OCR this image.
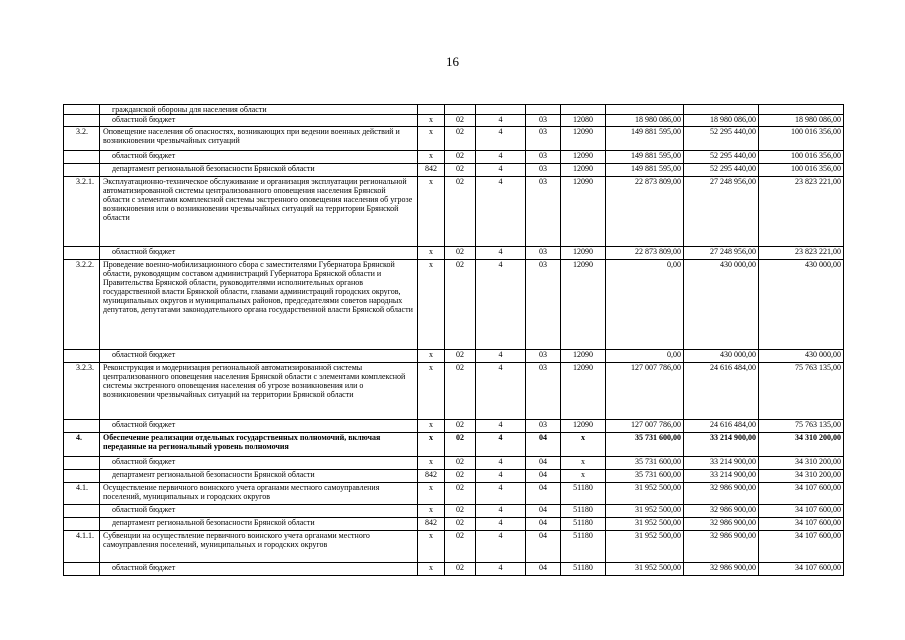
16
	гражданской обороны для населения области								
	областной бюджет	x	02	4	03	12080	18 980 086,00	18 980 086,00	18 980 086,00
3.2.	Оповещение населения об опасностях, возникающих при ведении военных действий и возникновении чрезвычайных ситуаций	x	02	4	03	12090	149 881 595,00	52 295 440,00	100 016 356,00
	областной бюджет	x	02	4	03	12090	149 881 595,00	52 295 440,00	100 016 356,00
	департамент региональной безопасности Брянской области	842	02	4	03	12090	149 881 595,00	52 295 440,00	100 016 356,00
3.2.1.	Эксплуатационно-техническое обслуживание и организация эксплуатации региональной автоматизированной системы централизованного оповещения населения Брянской области с элементами комплексной системы экстренного оповещения населения об угрозе возникновения или о возникновении чрезвычайных ситуаций на территории Брянской области	x	02	4	03	12090	22 873 809,00	27 248 956,00	23 823 221,00
	областной бюджет	x	02	4	03	12090	22 873 809,00	27 248 956,00	23 823 221,00
3.2.2.	Проведение военно-мобилизационного сбора с заместителями Губернатора Брянской области, руководящим составом администраций Губернатора Брянской области и Правительства Брянской области, руководителями исполнительных органов государственной власти Брянской области, главами администраций городских округов, муниципальных округов и муниципальных районов, председателями советов народных депутатов, депутатами законодательного органа государственной власти Брянской области	x	02	4	03	12090	0,00	430 000,00	430 000,00
	областной бюджет	x	02	4	03	12090	0,00	430 000,00	430 000,00
3.2.3.	Реконструкция и модернизация региональной автоматизированной системы централизованного оповещения населения Брянской области с элементами комплексной системы экстренного оповещения населения об угрозе возникновения или о возникновении чрезвычайных ситуаций на территории Брянской области	x	02	4	03	12090	127 007 786,00	24 616 484,00	75 763 135,00
	областной бюджет	x	02	4	03	12090	127 007 786,00	24 616 484,00	75 763 135,00
4.	Обеспечение реализации отдельных государственных полномочий, включая переданные на региональный уровень полномочия	x	02	4	04	x	35 731 600,00	33 214 900,00	34 310 200,00
	областной бюджет	x	02	4	04	x	35 731 600,00	33 214 900,00	34 310 200,00
	департамент региональной безопасности Брянской области	842	02	4	04	x	35 731 600,00	33 214 900,00	34 310 200,00
4.1.	Осуществление первичного воинского учета органами местного самоуправления поселений, муниципальных и городских округов	x	02	4	04	51180	31 952 500,00	32 986 900,00	34 107 600,00
	областной бюджет	x	02	4	04	51180	31 952 500,00	32 986 900,00	34 107 600,00
	департамент региональной безопасности Брянской области	842	02	4	04	51180	31 952 500,00	32 986 900,00	34 107 600,00
4.1.1.	Субвенции на осуществление первичного воинского учета органами местного самоуправления поселений, муниципальных и городских округов	x	02	4	04	51180	31 952 500,00	32 986 900,00	34 107 600,00
	областной бюджет	x	02	4	04	51180	31 952 500,00	32 986 900,00	34 107 600,00
